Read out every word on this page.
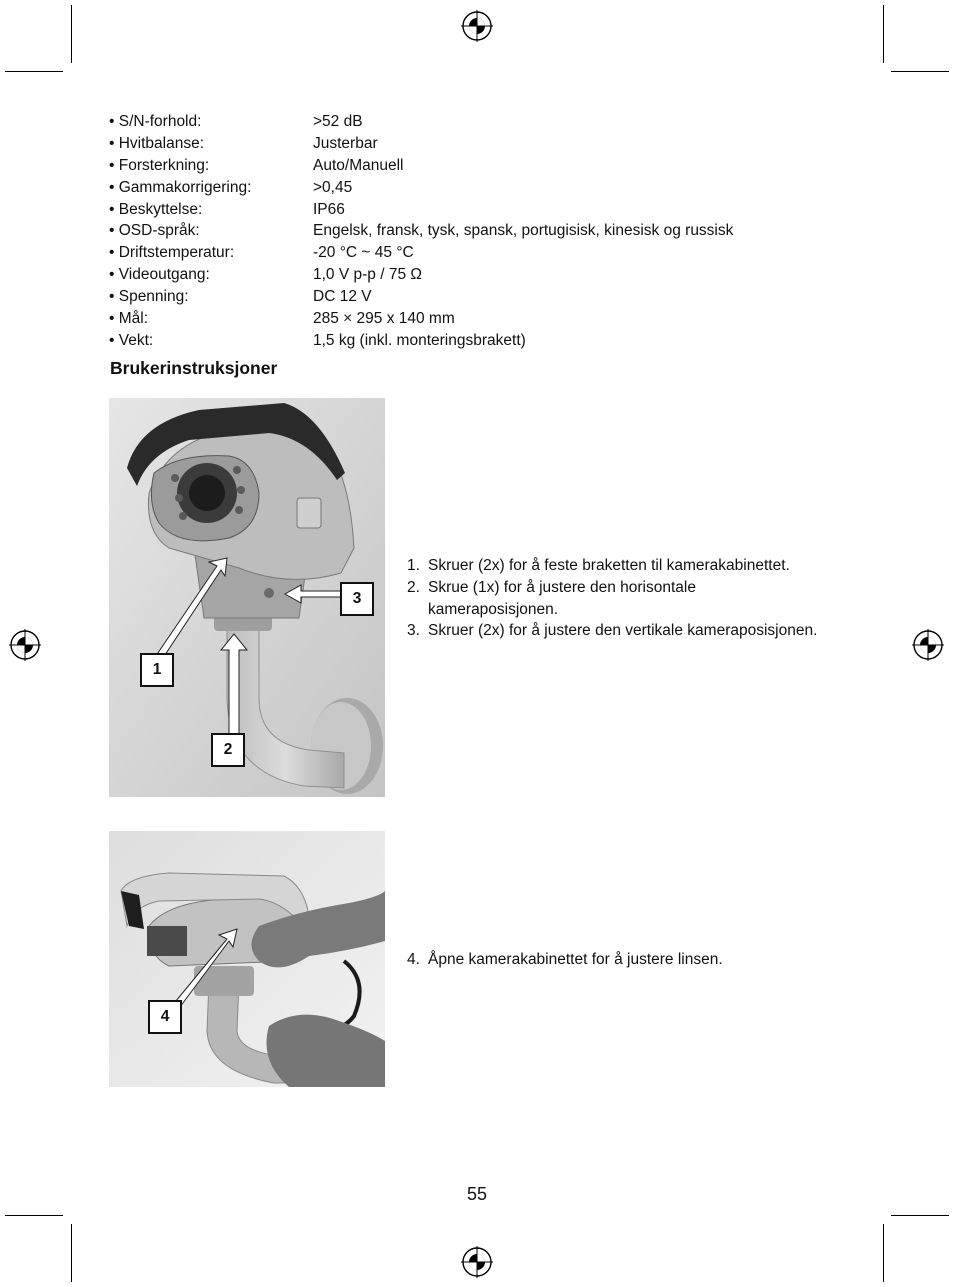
• S/N-forhold:	>52 dB
• Hvitbalanse:	Justerbar
• Forsterkning:	Auto/Manuell
• Gammakorrigering:	>0,45
• Beskyttelse:	IP66
• OSD-språk:	Engelsk, fransk, tysk, spansk, portugisisk, kinesisk og russisk
• Driftstemperatur:	-20 °C ~ 45 °C
• Videoutgang:	1,0 V p-p / 75 Ω
• Spenning:	DC 12 V
• Mål:	285 × 295 x 140 mm
• Vekt:	1,5 kg (inkl. monteringsbrakett)
Brukerinstruksjoner
1
2
3
1. Skruer (2x) for å feste braketten til kamerakabinettet.
2. Skrue (1x) for å justere den horisontale
kameraposisjonen.
3. Skruer (2x) for å justere den vertikale kameraposisjonen.
4
4. Åpne kamerakabinettet for å justere linsen.
55
